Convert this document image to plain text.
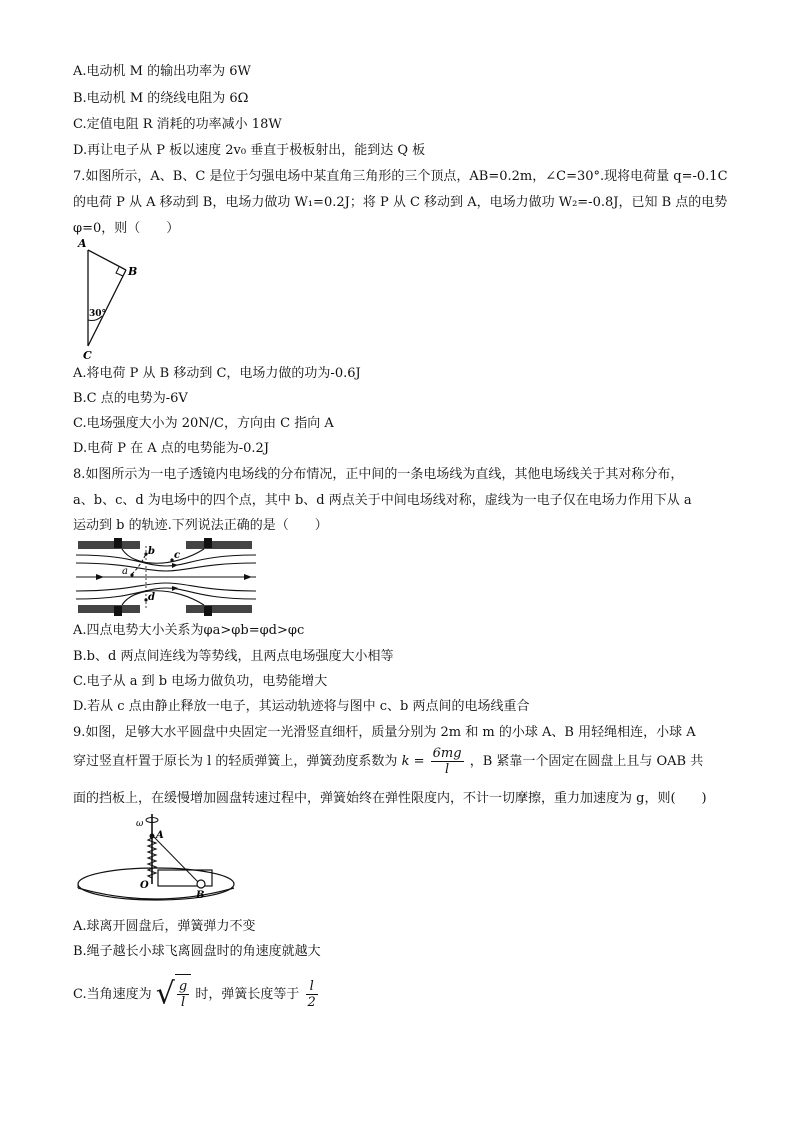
A.电动机 M 的输出功率为 6W
B.电动机 M 的绕线电阻为 6Ω
C.定值电阻 R 消耗的功率减小 18W
D.再让电子从 P 板以速度 2v₀ 垂直于极板射出，能到达 Q 板
7.如图所示，A、B、C 是位于匀强电场中某直角三角形的三个顶点，AB=0.2m，∠C=30°.现将电荷量 q=-0.1C
的电荷 P 从 A 移动到 B，电场力做功 W₁=0.2J；将 P 从 C 移动到 A，电场力做功 W₂=-0.8J，已知 B 点的电势
φ=0，则（　　）
A
B
C
30°
A.将电荷 P 从 B 移动到 C，电场力做的功为-0.6J
B.C 点的电势为-6V
C.电场强度大小为 20N/C，方向由 C 指向 A
D.电荷 P 在 A 点的电势能为-0.2J
8.如图所示为一电子透镜内电场线的分布情况，正中间的一条电场线为直线，其他电场线关于其对称分布，
a、b、c、d 为电场中的四个点，其中 b、d 两点关于中间电场线对称，虚线为一电子仅在电场力作用下从 a
运动到 b 的轨迹.下列说法正确的是（　　）
a
b c
d
A.四点电势大小关系为φa>φb=φd>φc
B.b、d 两点间连线为等势线，且两点电场强度大小相等
C.电子从 a 到 b 电场力做负功，电势能增大
D.若从 c 点由静止释放一电子，其运动轨迹将与图中 c、b 两点间的电场线重合
9.如图，足够大水平圆盘中央固定一光滑竖直细杆，质量分别为 2m 和 m 的小球 A、B 用轻绳相连，小球 A
穿过竖直杆置于原长为 l 的轻质弹簧上，弹簧劲度系数为 $k = \frac{6mg}{l}$ ，B 紧靠一个固定在圆盘上且与 OAB 共
面的挡板上，在缓慢增加圆盘转速过程中，弹簧始终在弹性限度内，不计一切摩擦，重力加速度为 g，则(　　)
ω
A
O
B
A.球离开圆盘后，弹簧弹力不变
B.绳子越长小球飞离圆盘时的角速度就越大
C.当角速度为 √ $\frac{g}{l}$ 时，弹簧长度等于 $\frac{l}{2}$
